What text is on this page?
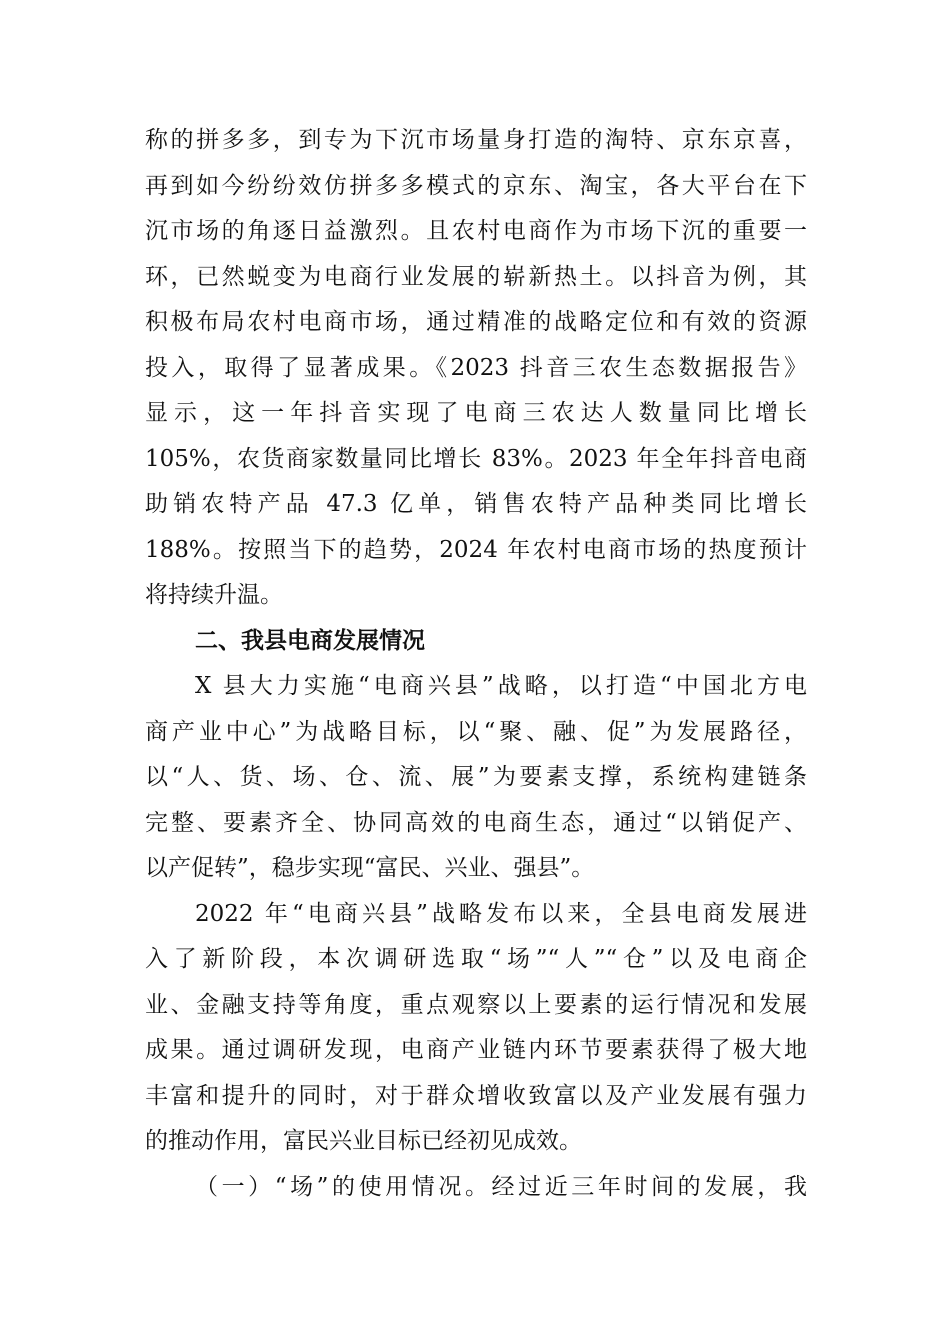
称的拼多多，到专为下沉市场量身打造的淘特、京东京喜，
再到如今纷纷效仿拼多多模式的京东、淘宝，各大平台在下
沉市场的角逐日益激烈。且农村电商作为市场下沉的重要一
环，已然蜕变为电商行业发展的崭新热土。以抖音为例，其
积极布局农村电商市场，通过精准的战略定位和有效的资源
投入，取得了显著成果。《2023 抖音三农生态数据报告》
显示，这一年抖音实现了电商三农达人数量同比增长
105%，农货商家数量同比增长 83%。2023 年全年抖音电商
助销农特产品 47.3 亿单，销售农特产品种类同比增长
188%。按照当下的趋势，2024 年农村电商市场的热度预计
将持续升温。
二、我县电商发展情况
X 县大力实施“电商兴县”战略，以打造“中国北方电
商产业中心”为战略目标，以“聚、融、促”为发展路径，
以“人、货、场、仓、流、展”为要素支撑，系统构建链条
完整、要素齐全、协同高效的电商生态，通过“以销促产、
以产促转”，稳步实现“富民、兴业、强县”。
2022 年“电商兴县”战略发布以来，全县电商发展进
入了新阶段，本次调研选取“场”“人”“仓”以及电商企
业、金融支持等角度，重点观察以上要素的运行情况和发展
成果。通过调研发现，电商产业链内环节要素获得了极大地
丰富和提升的同时，对于群众增收致富以及产业发展有强力
的推动作用，富民兴业目标已经初见成效。
（一）“场”的使用情况。经过近三年时间的发展，我
